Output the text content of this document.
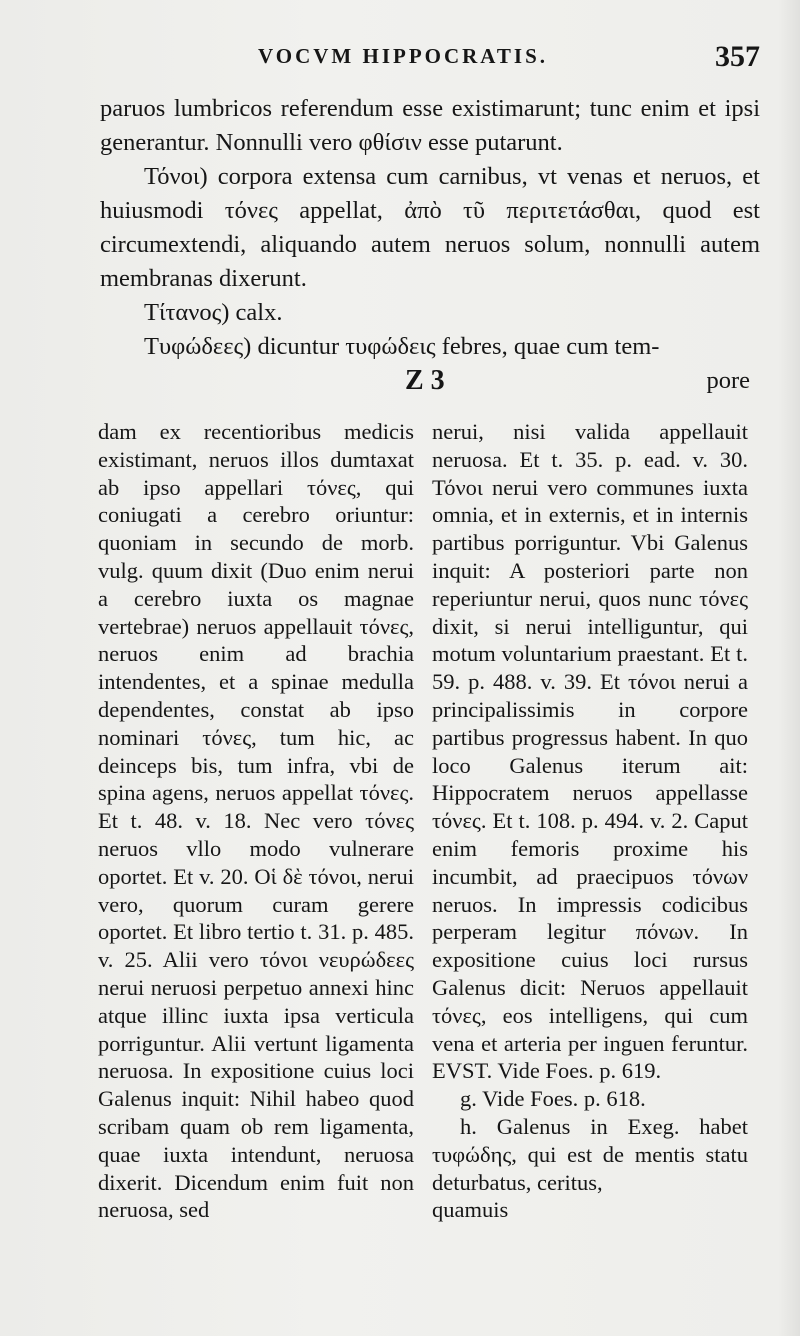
VOCVM HIPPOCRATIS.	357

paruos lumbricos referendum esse existimarunt; tunc enim et ipsi generantur. Nonnulli vero φθίσιν esse putarunt.

Τόνοι) corpora extensa cum carnibus, vt venas et neruos, et huiusmodi τόνες appellat, ἀπὸ τῦ περιτετάσθαι, quod est circumextendi, aliquando autem neruos solum, nonnulli autem membranas dixerunt.

Τίτανος) calx.

Τυφώδεες) dicuntur τυφώδεις febres, quae cum tem-

Z 3	pore

dam ex recentioribus medicis existimant, neruos illos dumtaxat ab ipso appellari τόνες, qui coniugati a cerebro oriuntur: quoniam in secundo de morb. vulg. quum dixit (Duo enim nerui a cerebro iuxta os magnae vertebrae) neruos appellauit τόνες, neruos enim ad brachia intendentes, et a spinae medulla dependentes, constat ab ipso nominari τόνες, tum hic, ac deinceps bis, tum infra, vbi de spina agens, neruos appellat τόνες. Et t. 48. v. 18. Nec vero τόνες neruos vllo modo vulnerare oportet. Et v. 20. Οἱ δὲ τόνοι, nerui vero, quorum curam gerere oportet. Et libro tertio t. 31. p. 485. v. 25. Alii vero τόνοι νευρώδεες nerui neruosi perpetuo annexi hinc atque illinc iuxta ipsa verticula porriguntur. Alii vertunt ligamenta neruosa. In expositione cuius loci Galenus inquit: Nihil habeo quod scribam quam ob rem ligamenta, quae iuxta intendunt, neruosa dixerit. Dicendum enim fuit non neruosa, sed

nerui, nisi valida appellauit neruosa. Et t. 35. p. ead. v. 30. Τόνοι nerui vero communes iuxta omnia, et in externis, et in internis partibus porriguntur. Vbi Galenus inquit: A posteriori parte non reperiuntur nerui, quos nunc τόνες dixit, si nerui intelliguntur, qui motum voluntarium praestant. Et t. 59. p. 488. v. 39. Et τόνοι nerui a principalissimis in corpore partibus progressus habent. In quo loco Galenus iterum ait: Hippocratem neruos appellasse τόνες. Et t. 108. p. 494. v. 2. Caput enim femoris proxime his incumbit, ad praecipuos τόνων neruos. In impressis codicibus perperam legitur πόνων. In expositione cuius loci rursus Galenus dicit: Neruos appellauit τόνες, eos intelligens, qui cum vena et arteria per inguen feruntur. EVST. Vide Foes. p. 619.

g. Vide Foes. p. 618.

h. Galenus in Exeg. habet τυφώδης, qui est de mentis statu deturbatus, ceritus,

quamuis
